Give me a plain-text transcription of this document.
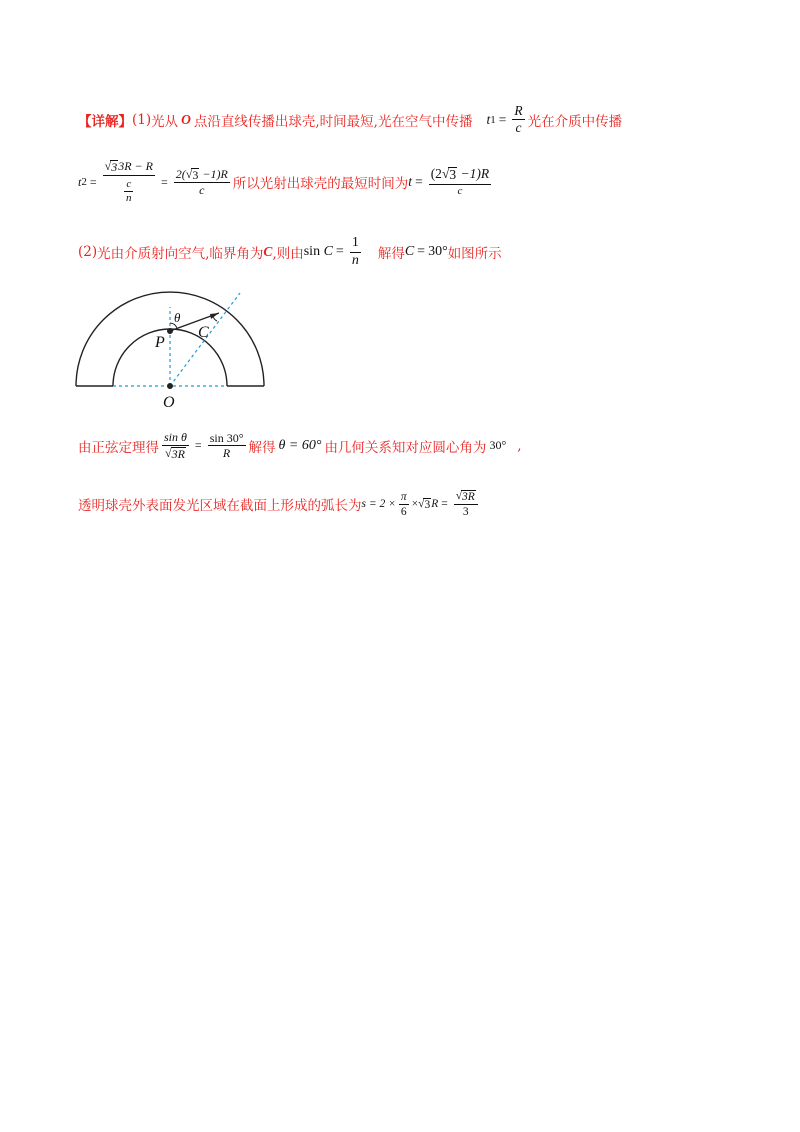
【详解】 (1) 光从 O 点沿直线传播出球壳,时间最短,光在空气中传播 t $1 = \frac{R}{c}$ 光在介质中传播
t $2 = \frac{√ 3 3R - R}{\frac{c}{n}} = \frac{2( √ 3 -1)R}{c}$ 所以光射出球壳的最短时间为 $t = \frac{(2 √ 3 -1)R}{c}$
(2) 光由介质射向空气,临界角为 C ,则由 sin
$C = \frac{1}{n}$ 解得 C = 30° 如图所示
θ
C
P
O
由正弦定理得 $\frac{\text{sin θ}}{√ 3R} = \frac{\sin 30^\circ}{R}$ 解得 θ = 60° 由几何关系知对应圆心角为 30° ,
透明球壳外表面发光区域在截面上形成的弧长为 $s = 2 \times \frac{\pi}{6}$ × √ 3 $R = \frac{√ 3R}{3}$
